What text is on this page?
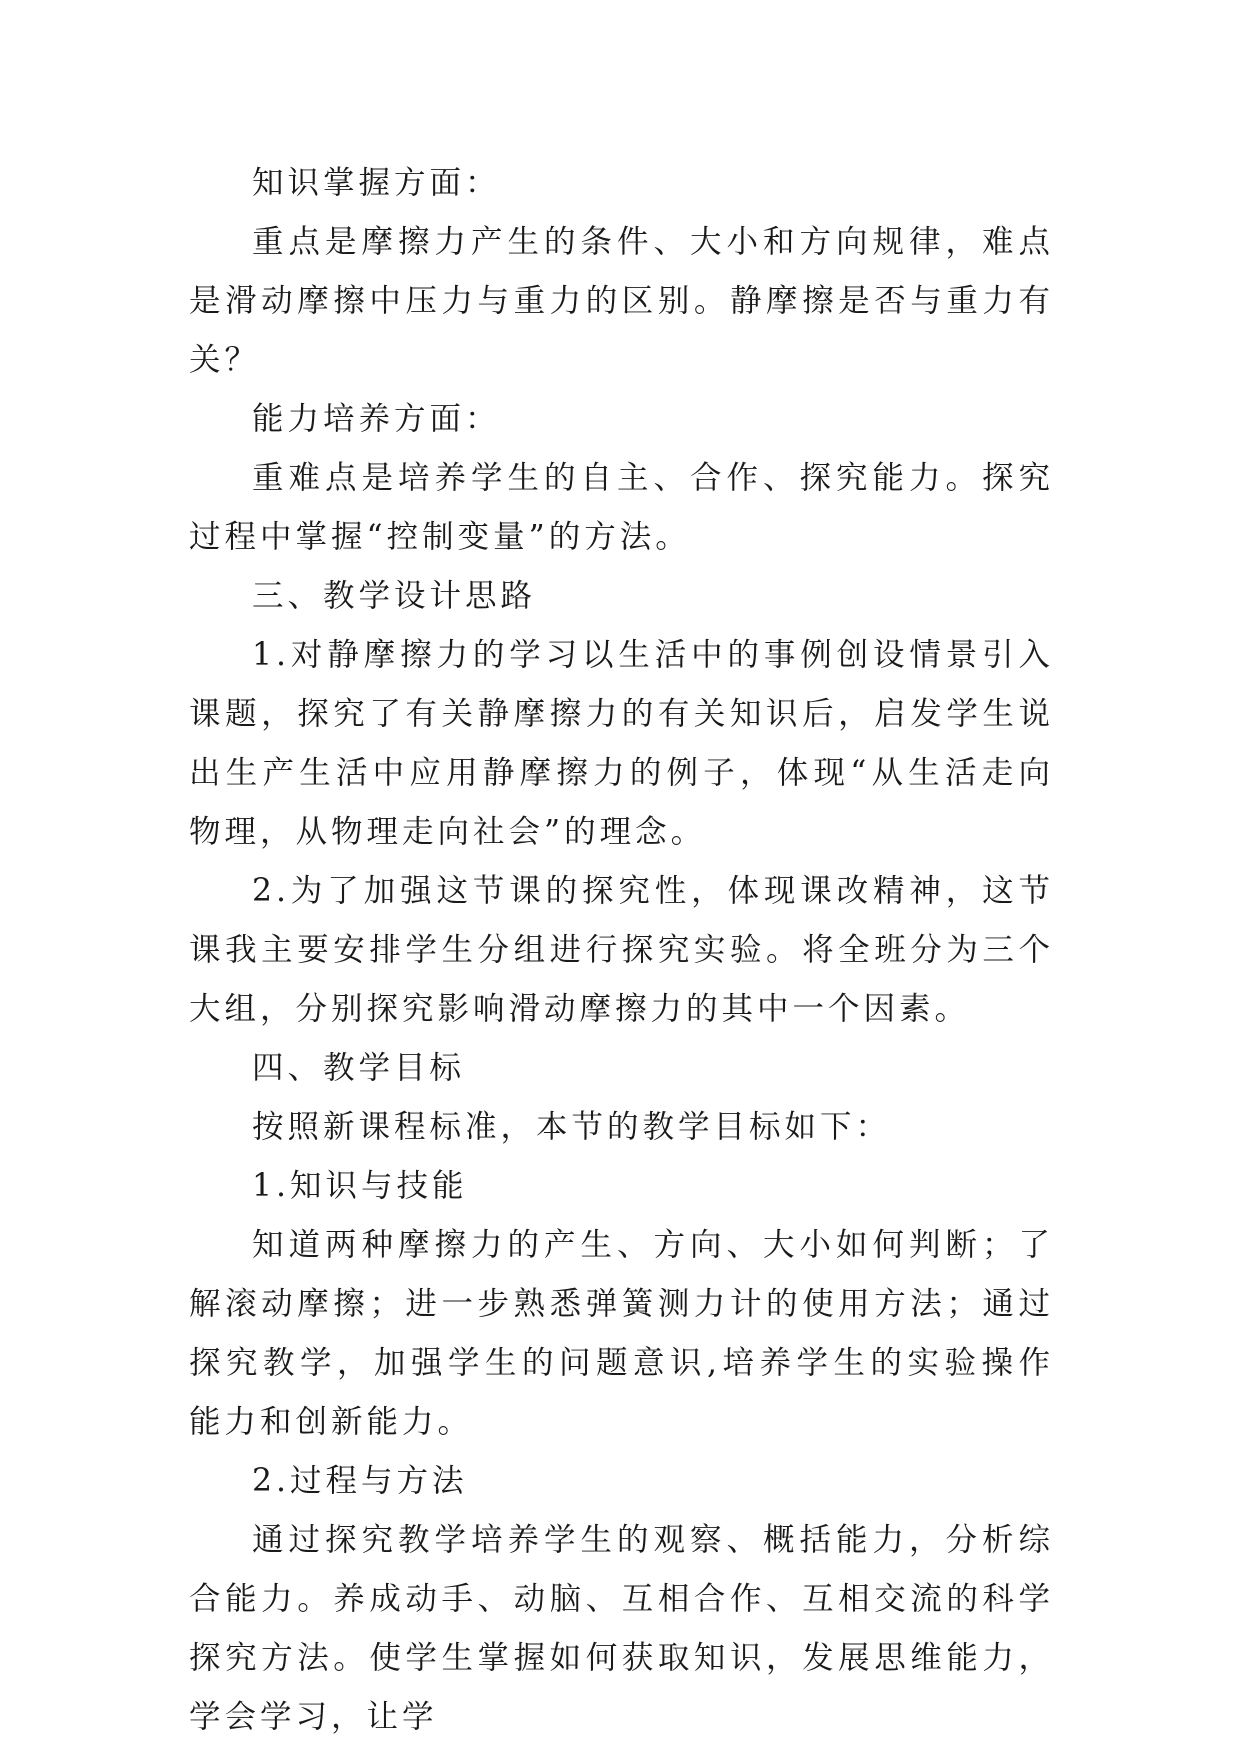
知识掌握方面：

重点是摩擦力产生的条件、大小和方向规律，难点是滑动摩擦中压力与重力的区别。静摩擦是否与重力有关？

能力培养方面：

重难点是培养学生的自主、合作、探究能力。探究过程中掌握“控制变量”的方法。

三、教学设计思路

1.对静摩擦力的学习以生活中的事例创设情景引入课题，探究了有关静摩擦力的有关知识后，启发学生说出生产生活中应用静摩擦力的例子，体现“从生活走向物理，从物理走向社会”的理念。

2.为了加强这节课的探究性，体现课改精神，这节课我主要安排学生分组进行探究实验。将全班分为三个大组，分别探究影响滑动摩擦力的其中一个因素。

四、教学目标

按照新课程标准，本节的教学目标如下：

1.知识与技能

知道两种摩擦力的产生、方向、大小如何判断；了解滚动摩擦；进一步熟悉弹簧测力计的使用方法；通过探究教学，加强学生的问题意识,培养学生的实验操作能力和创新能力。

2.过程与方法

通过探究教学培养学生的观察、概括能力，分析综合能力。养成动手、动脑、互相合作、互相交流的科学探究方法。使学生掌握如何获取知识，发展思维能力，学会学习，让学
